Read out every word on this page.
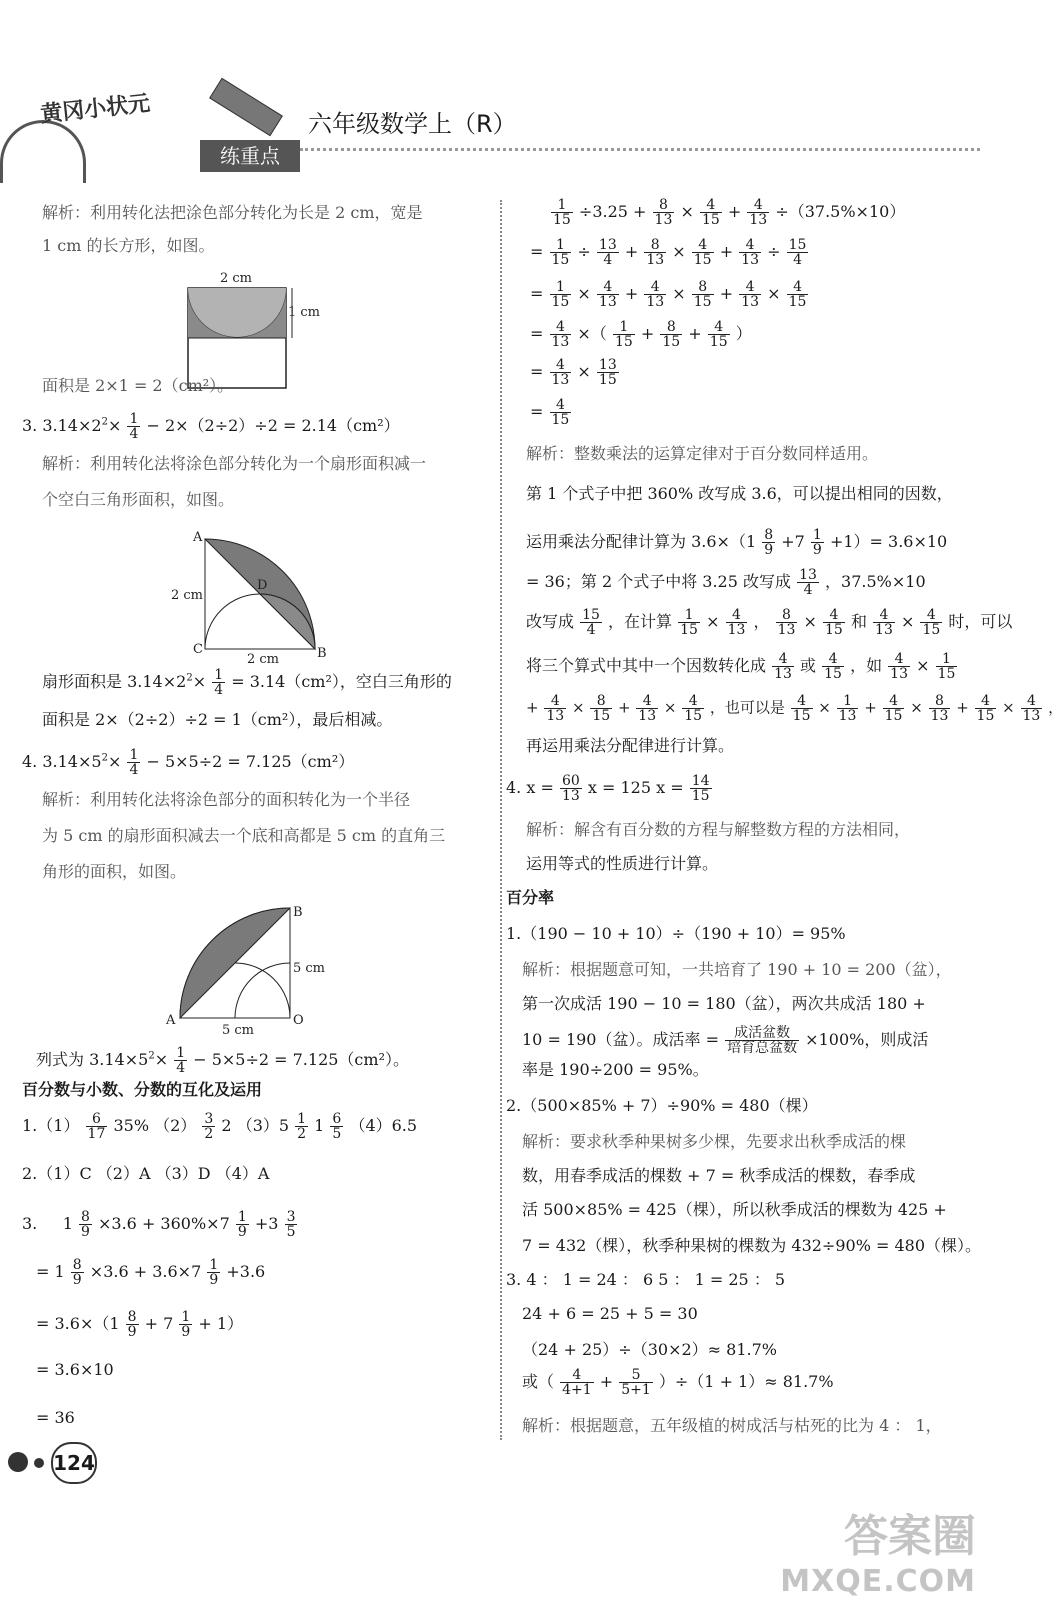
黄冈小状元
练重点
六年级数学上（R）
解析：利用转化法把涂色部分转化为长是 2 cm，宽是
1 cm 的长方形，如图。
2 cm
1 cm
面积是 2×1 = 2（cm²）。
3. $3.14\times 2^2\times \frac{1}{4} - 2\times(2\div 2)\div 2 = 2.14(cm^2)$
解析：利用转化法将涂色部分转化为一个扇形面积减一
个空白三角形面积，如图。
A
B
C
D
2 cm
2 cm
扇形面积是 $3.14\times 2^2\times \frac{1}{4} = 3.14(cm^2)$，空白三角形的
面积是 2×（2÷2）÷2 = 1（cm²），最后相减。
4. $3.14\times 5^2\times \frac{1}{4} - 5\times 5\div 2 = 7.125(cm^2)$
解析：利用转化法将涂色部分的面积转化为一个半径
为 5 cm 的扇形面积减去一个底和高都是 5 cm 的直角三
角形的面积，如图。
A
B
O
5 cm
5 cm
列式为 $3.14\times 5^2\times \frac{1}{4} - 5\times 5\div 2 = 7.125(cm^2)$。
百分数与小数、分数的互化及运用
$1.(1) \frac{6}{17} 35\%$ $(2) \frac{3}{2} 2$ $(3)5 \frac{1}{2} 1 \frac{6}{5} (4)6.5$
2.（1）C （2）A （3）D （4）A
3. $1 \frac{8}{9} \times 3.6 + 360\%\times 7 \frac{1}{9} +3 \frac{3}{5}$
= $1 \frac{8}{9} \times 3.6 + 3.6\times 7 \frac{1}{9} +3.6$
= $3.6\times(1 \frac{8}{9} + 7 \frac{1}{9} + 1)$
= 3.6×10
= 36
$\frac{1}{15} \div 3.25 + \frac{8}{13} \times \frac{4}{15} + \frac{4}{13} \div(37.5\%\times 10)$
= $\frac{1}{15} \div \frac{13}{4} + \frac{8}{13} \times \frac{4}{15} + \frac{4}{13} \div \frac{15}{4}$
= $\frac{1}{15} \times \frac{4}{13} + \frac{4}{13} \times \frac{8}{15} + \frac{4}{13} \times \frac{4}{15}$
= $\frac{4}{13}$ ×（ $\frac{1}{15} + \frac{8}{15} + \frac{4}{15}$ ）
= $\frac{4}{13} \times \frac{13}{15}$
= $\frac{4}{15}$
解析：整数乘法的运算定律对于百分数同样适用。
第 1 个式子中把 360% 改写成 3.6，可以提出相同的因数，
运用乘法分配律计算为 $3.6\times(1 \frac{8}{9} +7 \frac{1}{9} +1)= 3.6\times 10$
= 36；第 2 个式子中将 3.25 改写成 $\frac{13}{4}$ ，37.5%×10
改写成 $\frac{15}{4}$ ，在计算 $\frac{1}{15} \times \frac{4}{13}$ ， $\frac{8}{13} \times \frac{4}{15}$ 和 $\frac{4}{13} \times \frac{4}{15}$ 时，可以
将三个算式中其中一个因数转化成 $\frac{4}{13}$ 或 $\frac{4}{15}$ ，如 $\frac{4}{13} \times \frac{1}{15}$
+ $\frac{4}{13} \times \frac{8}{15} + \frac{4}{13} \times \frac{4}{15}$ ，也可以是 $\frac{4}{15} \times \frac{1}{13} + \frac{4}{15} \times \frac{8}{13} + \frac{4}{15} \times \frac{4}{13}$ ，
再运用乘法分配律进行计算。
4. $x = \frac{60}{13}$ x = 125 $x = \frac{14}{15}$
解析：解含有百分数的方程与解整数方程的方法相同，
运用等式的性质进行计算。
百分率
1.（190 − 10 + 10）÷（190 + 10）= 95%
解析：根据题意可知，一共培育了 190 + 10 = 200（盆），
第一次成活 190 − 10 = 180（盆），两次共成活 180 +
10 = 190（盆）。成活率 = $\frac{\text{成活盆数}}{\text{培育总盆数}} \times 100\%$，则成活
率是 190÷200 = 95%。
2.（500×85% + 7）÷90% = 480（棵）
解析：要求秋季种果树多少棵，先要求出秋季成活的棵
数，用春季成活的棵数 + 7 = 秋季成活的棵数，春季成
活 500×85% = 425（棵），所以秋季成活的棵数为 425 +
7 = 432（棵），秋季种果树的棵数为 432÷90% = 480（棵）。
3. 4 ： 1 = 24 ： 6 5 ： 1 = 25 ： 5
24 + 6 = 25 + 5 = 30
（24 + 25）÷（30×2）≈ 81.7%
或（ $\frac{4}{4+1} + \frac{5}{5+1} )\div(1 + 1)\approx 81.7\%$
解析：根据题意，五年级植的树成活与枯死的比为 4 ： 1，
124
答案圈
MXQE.COM
